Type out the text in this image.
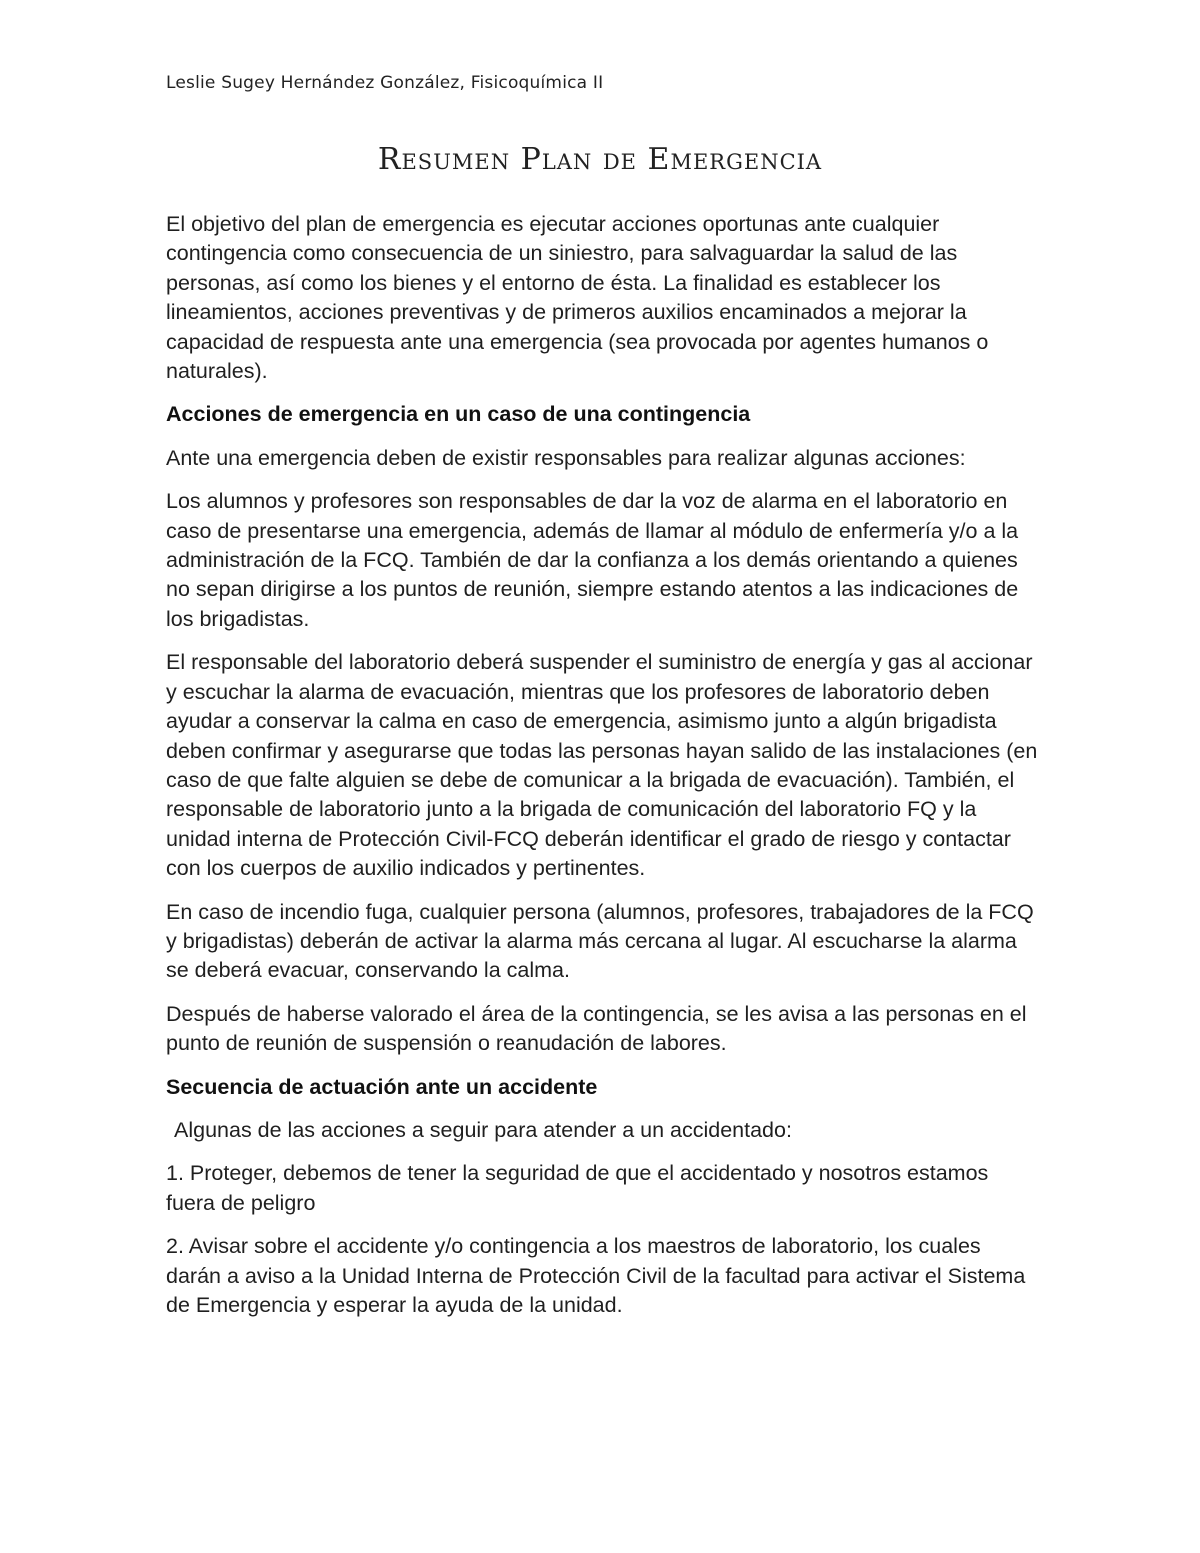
Leslie Sugey Hernández González, Fisicoquímica II
Resumen Plan de Emergencia

El objetivo del plan de emergencia es ejecutar acciones oportunas ante cualquier contingencia como consecuencia de un siniestro, para salvaguardar la salud de las personas, así como los bienes y el entorno de ésta. La finalidad es establecer los lineamientos, acciones preventivas y de primeros auxilios encaminados a mejorar la capacidad de respuesta ante una emergencia (sea provocada por agentes humanos o naturales).

Acciones de emergencia en un caso de una contingencia

Ante una emergencia deben de existir responsables para realizar algunas acciones:

Los alumnos y profesores son responsables de dar la voz de alarma en el laboratorio en caso de presentarse una emergencia, además de llamar al módulo de enfermería y/o a la administración de la FCQ. También de dar la confianza a los demás orientando a quienes no sepan dirigirse a los puntos de reunión, siempre estando atentos a las indicaciones de los brigadistas.

El responsable del laboratorio deberá suspender el suministro de energía y gas al accionar y escuchar la alarma de evacuación, mientras que los profesores de laboratorio deben ayudar a conservar la calma en caso de emergencia, asimismo junto a algún brigadista deben confirmar y asegurarse que todas las personas hayan salido de las instalaciones (en caso de que falte alguien se debe de comunicar a la brigada de evacuación). También, el responsable de laboratorio junto a la brigada de comunicación del laboratorio FQ y la unidad interna de Protección Civil-FCQ deberán identificar el grado de riesgo y contactar con los cuerpos de auxilio indicados y pertinentes.

En caso de incendio fuga, cualquier persona (alumnos, profesores, trabajadores de la FCQ y brigadistas) deberán de activar la alarma más cercana al lugar. Al escucharse la alarma se deberá evacuar, conservando la calma.

Después de haberse valorado el área de la contingencia, se les avisa a las personas en el punto de reunión de suspensión o reanudación de labores.

Secuencia de actuación ante un accidente

Algunas de las acciones a seguir para atender a un accidentado:

1. Proteger, debemos de tener la seguridad de que el accidentado y nosotros estamos fuera de peligro

2. Avisar sobre el accidente y/o contingencia a los maestros de laboratorio, los cuales darán a aviso a la Unidad Interna de Protección Civil de la facultad para activar el Sistema de Emergencia y esperar la ayuda de la unidad.
